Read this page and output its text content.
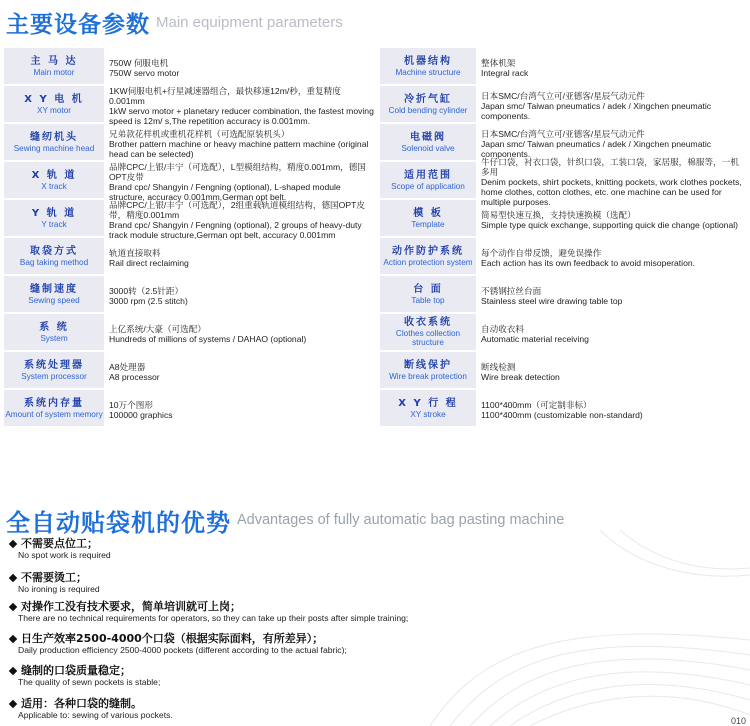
主要设备参数 Main equipment parameters
主 马 达
Main motor
750W 伺服电机
750W servo motor
机器结构
Machine structure
整体机架
Integral rack
X Y 电 机
XY motor
1KW伺服电机+行星减速器组合，最快移速12m/秒，重复精度0.001mm
1kW servo motor + planetary reducer combination, the fastest moving speed is 12m/ s,The repetition accuracy is 0.001mm.
冷折气缸
Cold bending cylinder
日本SMC/台湾气立可/亚德客/星辰气动元件
Japan smc/ Taiwan pneumatics / adek / Xingchen pneumatic components.
缝纫机头
Sewing machine head
兄弟款花样机或重机花样机（可选配原装机头）
Brother pattern machine or heavy machine pattern machine (original head can be selected)
电磁阀
Solenoid valve
日本SMC/台湾气立可/亚德客/星辰气动元件
Japan smc/ Taiwan pneumatics / adek / Xingchen pneumatic components.
X 轨 道
X track
品牌CPC/上银/丰宁（可选配），L型模组结构，精度0.001mm，德国OPT皮带
Brand cpc/ Shangyin / Fengning (optional), L-shaped module structure, accuracy 0.001mm,German opt belt.
适用范围
Scope of application
牛仔口袋，衬衣口袋，针织口袋，工装口袋，家居服，棉服等，一机多用
Denim pockets, shirt pockets, knitting pockets, work clothes pockets, home clothes, cotton clothes, etc. one machine can be used for multiple purposes.
Y 轨 道
Y track
品牌CPC/上银/丰宁（可选配），2组重载轨道模组结构，德国OPT皮带，精度0.001mm
Brand cpc/ Shangyin / Fengning (optional), 2 groups of heavy-duty track module structure,German opt belt, accuracy 0.001mm
模 板
Template
简易型快速互换，支持快速换模（选配）
Simple type quick exchange, supporting quick die change (optional)
取袋方式
Bag taking method
轨道直接取料
Rail direct reclaiming
动作防护系统
Action protection system
每个动作自带反馈，避免误操作
Each action has its own feedback to avoid misoperation.
缝制速度
Sewing speed
3000转（2.5针距）
3000 rpm (2.5 stitch)
台 面
Table top
不锈钢拉丝台面
Stainless steel wire drawing table top
系 统
System
上亿系统/大豪（可选配）
Hundreds of millions of systems / DAHAO (optional)
收衣系统
Clothes collection structure
自动收衣料
Automatic material receiving
系统处理器
System processor
A8处理器
A8 processor
断线保护
Wire break protection
断线检测
Wire break detection
系统内存量
Amount of system memory
10万个图形
100000 graphics
X Y 行 程
XY stroke
1100*400mm（可定制非标）
1100*400mm (customizable non-standard)
全自动贴袋机的优势 Advantages of fully automatic bag pasting machine
不需要点位工；
No spot work is required
不需要烫工；
No ironing is required
对操作工没有技术要求，简单培训就可上岗；
There are no technical requirements for operators, so they can take up their posts after simple training;
日生产效率2500-4000个口袋（根据实际面料，有所差异）；
Daily production efficiency 2500-4000 pockets (different according to the actual fabric);
缝制的口袋质量稳定；
The quality of sewn pockets is stable;
适用：各种口袋的缝制。
Applicable to: sewing of various pockets.
010
